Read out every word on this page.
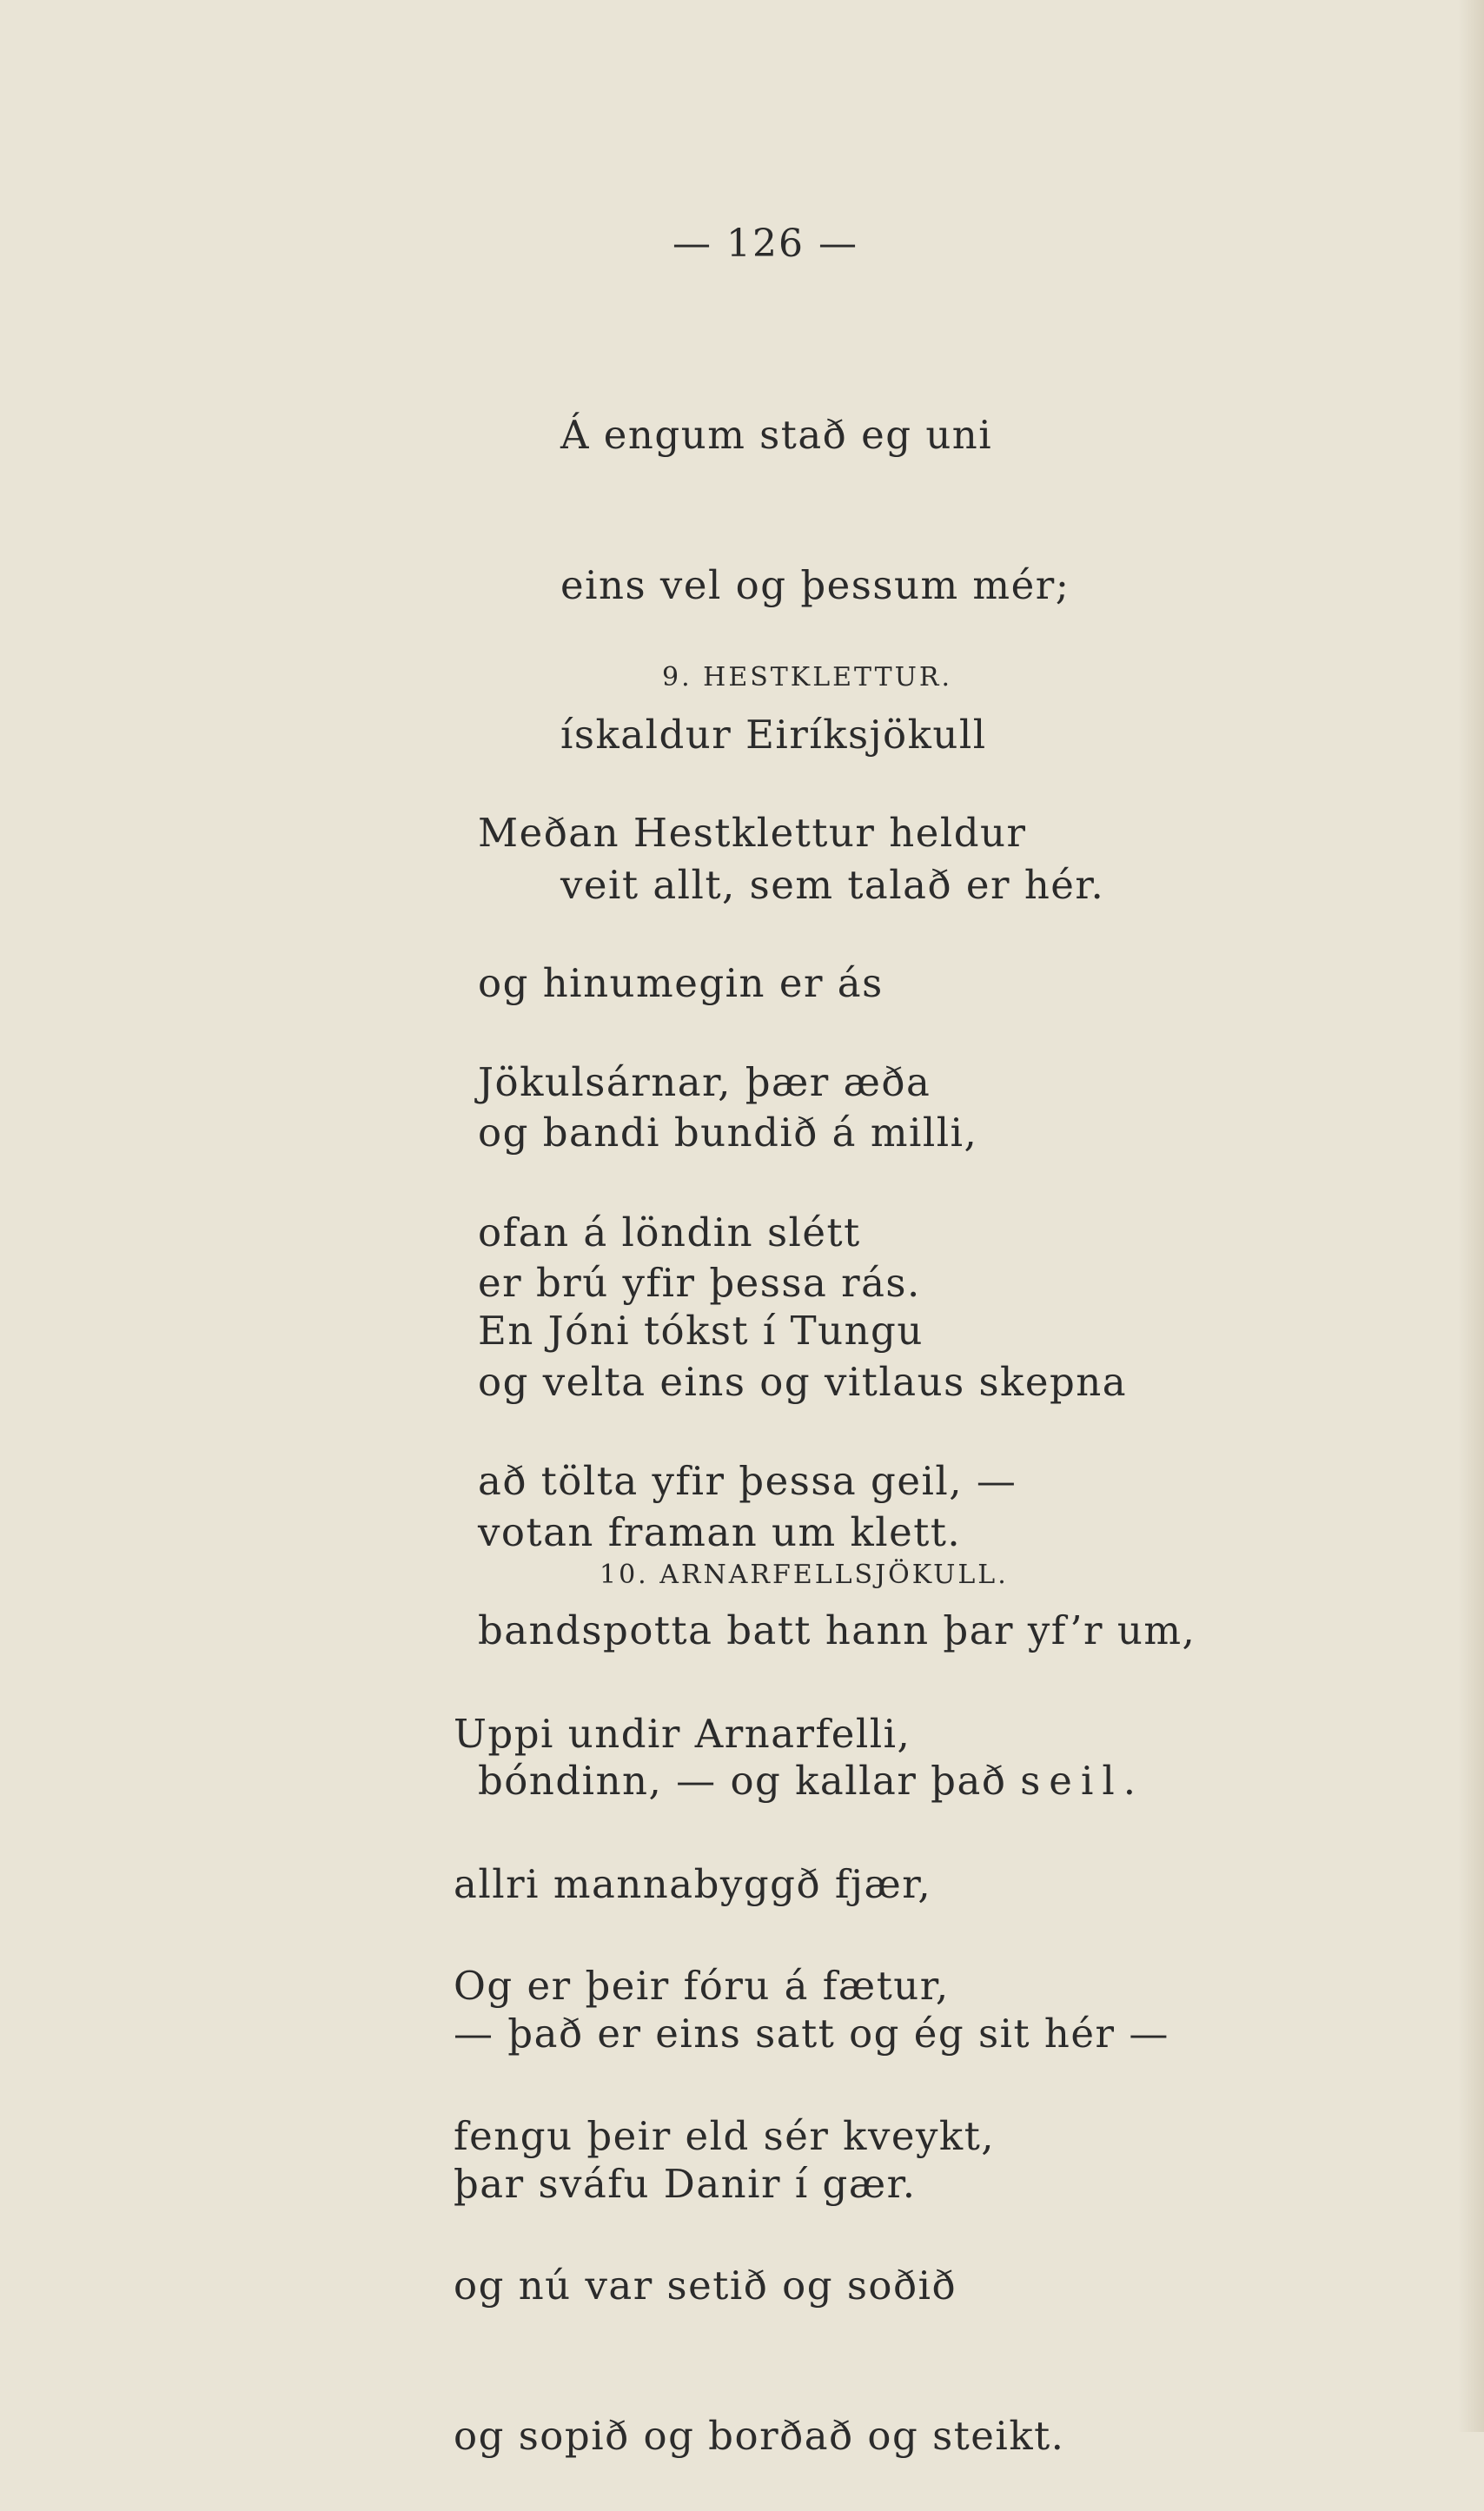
— 126 —

Á engum stað eg uni

eins vel og þessum mér;

ískaldur Eiríksjökull

veit allt, sem talað er hér.

9. HESTKLETTUR.

Meðan Hestklettur heldur

og hinumegin er ás

og bandi bundið á milli,

er brú yfir þessa rás.

Jökulsárnar, þær æða

ofan á löndin slétt

og velta eins og vitlaus skepna

votan framan um klett.

En Jóni tókst í Tungu

að tölta yfir þessa geil, —

bandspotta batt hann þar yf’r um,

bóndinn, — og kallar það seil.

10. ARNARFELLSJÖKULL.

Uppi undir Arnarfelli,

allri mannabyggð fjær,

— það er eins satt og ég sit hér —

þar sváfu Danir í gær.

Og er þeir fóru á fætur,

fengu þeir eld sér kveykt,

og nú var setið og soðið

og sopið og borðað og steikt.
